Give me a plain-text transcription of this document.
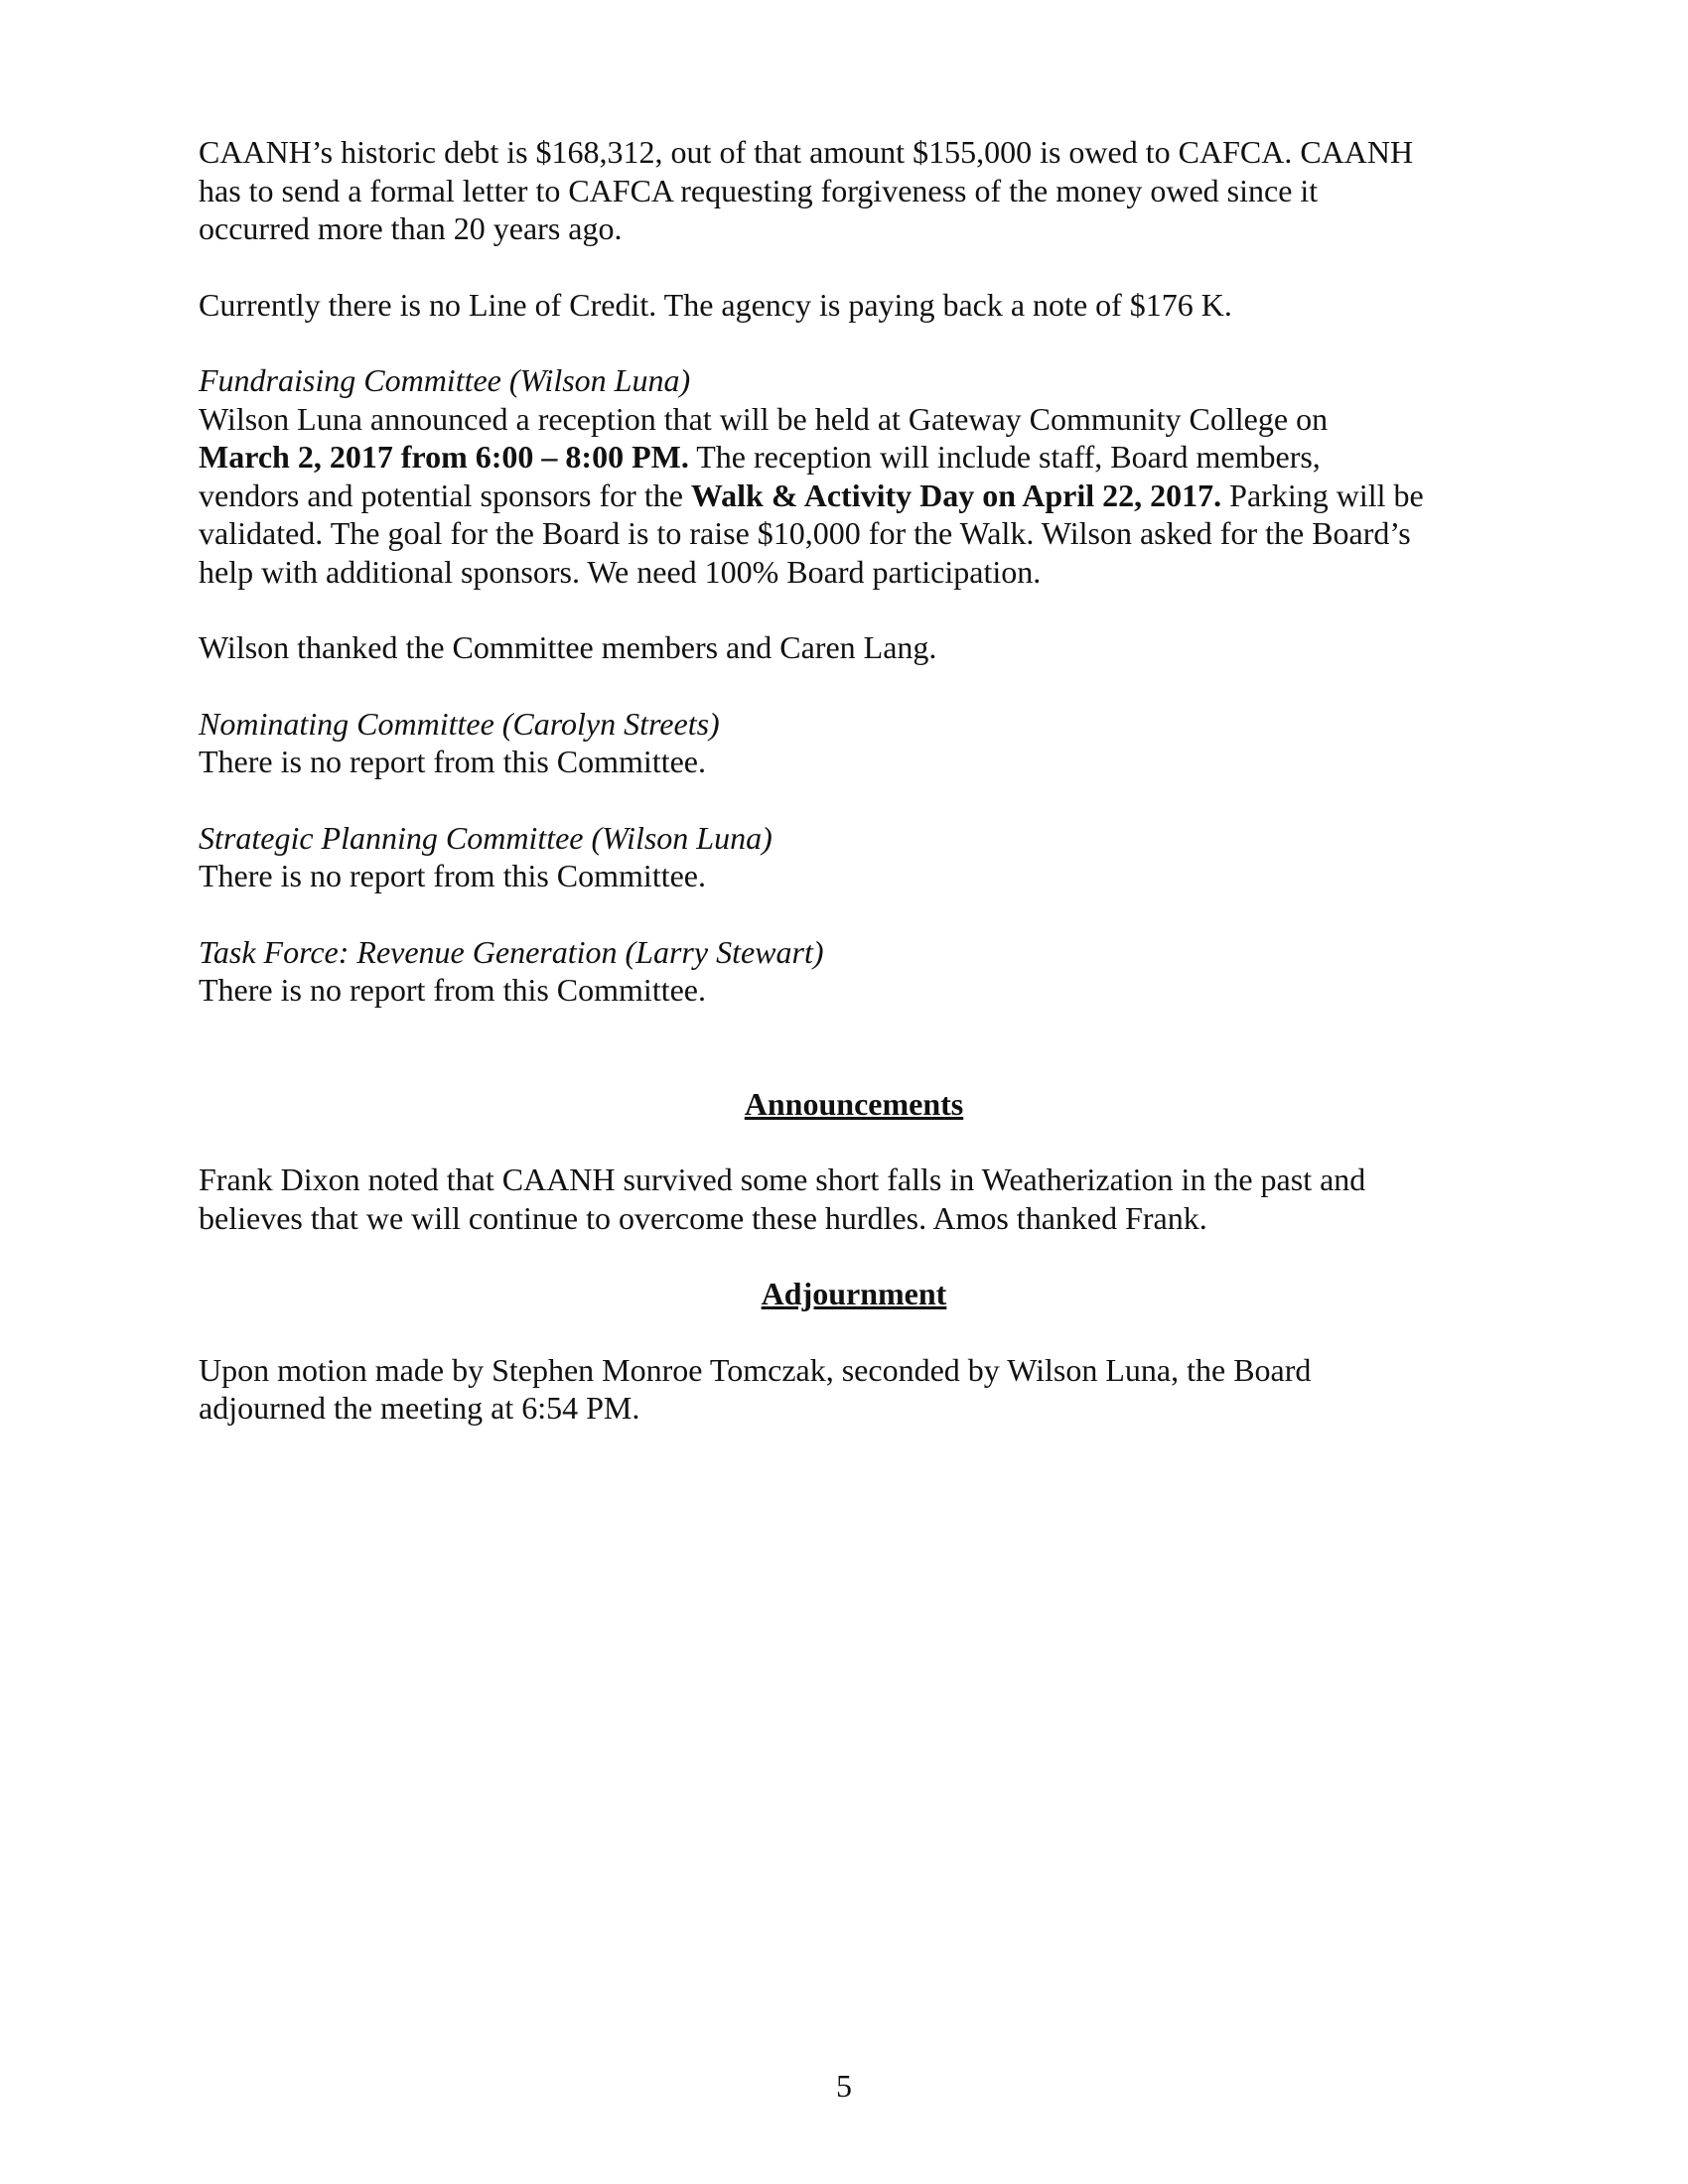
CAANH’s historic debt is $168,312, out of that amount $155,000 is owed to CAFCA. CAANH
has to send a formal letter to CAFCA requesting forgiveness of the money owed since it
occurred more than 20 years ago.

Currently there is no Line of Credit. The agency is paying back a note of $176 K.

Fundraising Committee (Wilson Luna)
Wilson Luna announced a reception that will be held at Gateway Community College on
March 2, 2017 from 6:00 – 8:00 PM. The reception will include staff, Board members,
vendors and potential sponsors for the Walk & Activity Day on April 22, 2017. Parking will be
validated. The goal for the Board is to raise $10,000 for the Walk. Wilson asked for the Board’s
help with additional sponsors. We need 100% Board participation.

Wilson thanked the Committee members and Caren Lang.

Nominating Committee (Carolyn Streets)
There is no report from this Committee.

Strategic Planning Committee (Wilson Luna)
There is no report from this Committee.

Task Force: Revenue Generation (Larry Stewart)
There is no report from this Committee.

Announcements

Frank Dixon noted that CAANH survived some short falls in Weatherization in the past and
believes that we will continue to overcome these hurdles. Amos thanked Frank.

Adjournment

Upon motion made by Stephen Monroe Tomczak, seconded by Wilson Luna, the Board
adjourned the meeting at 6:54 PM.

5
